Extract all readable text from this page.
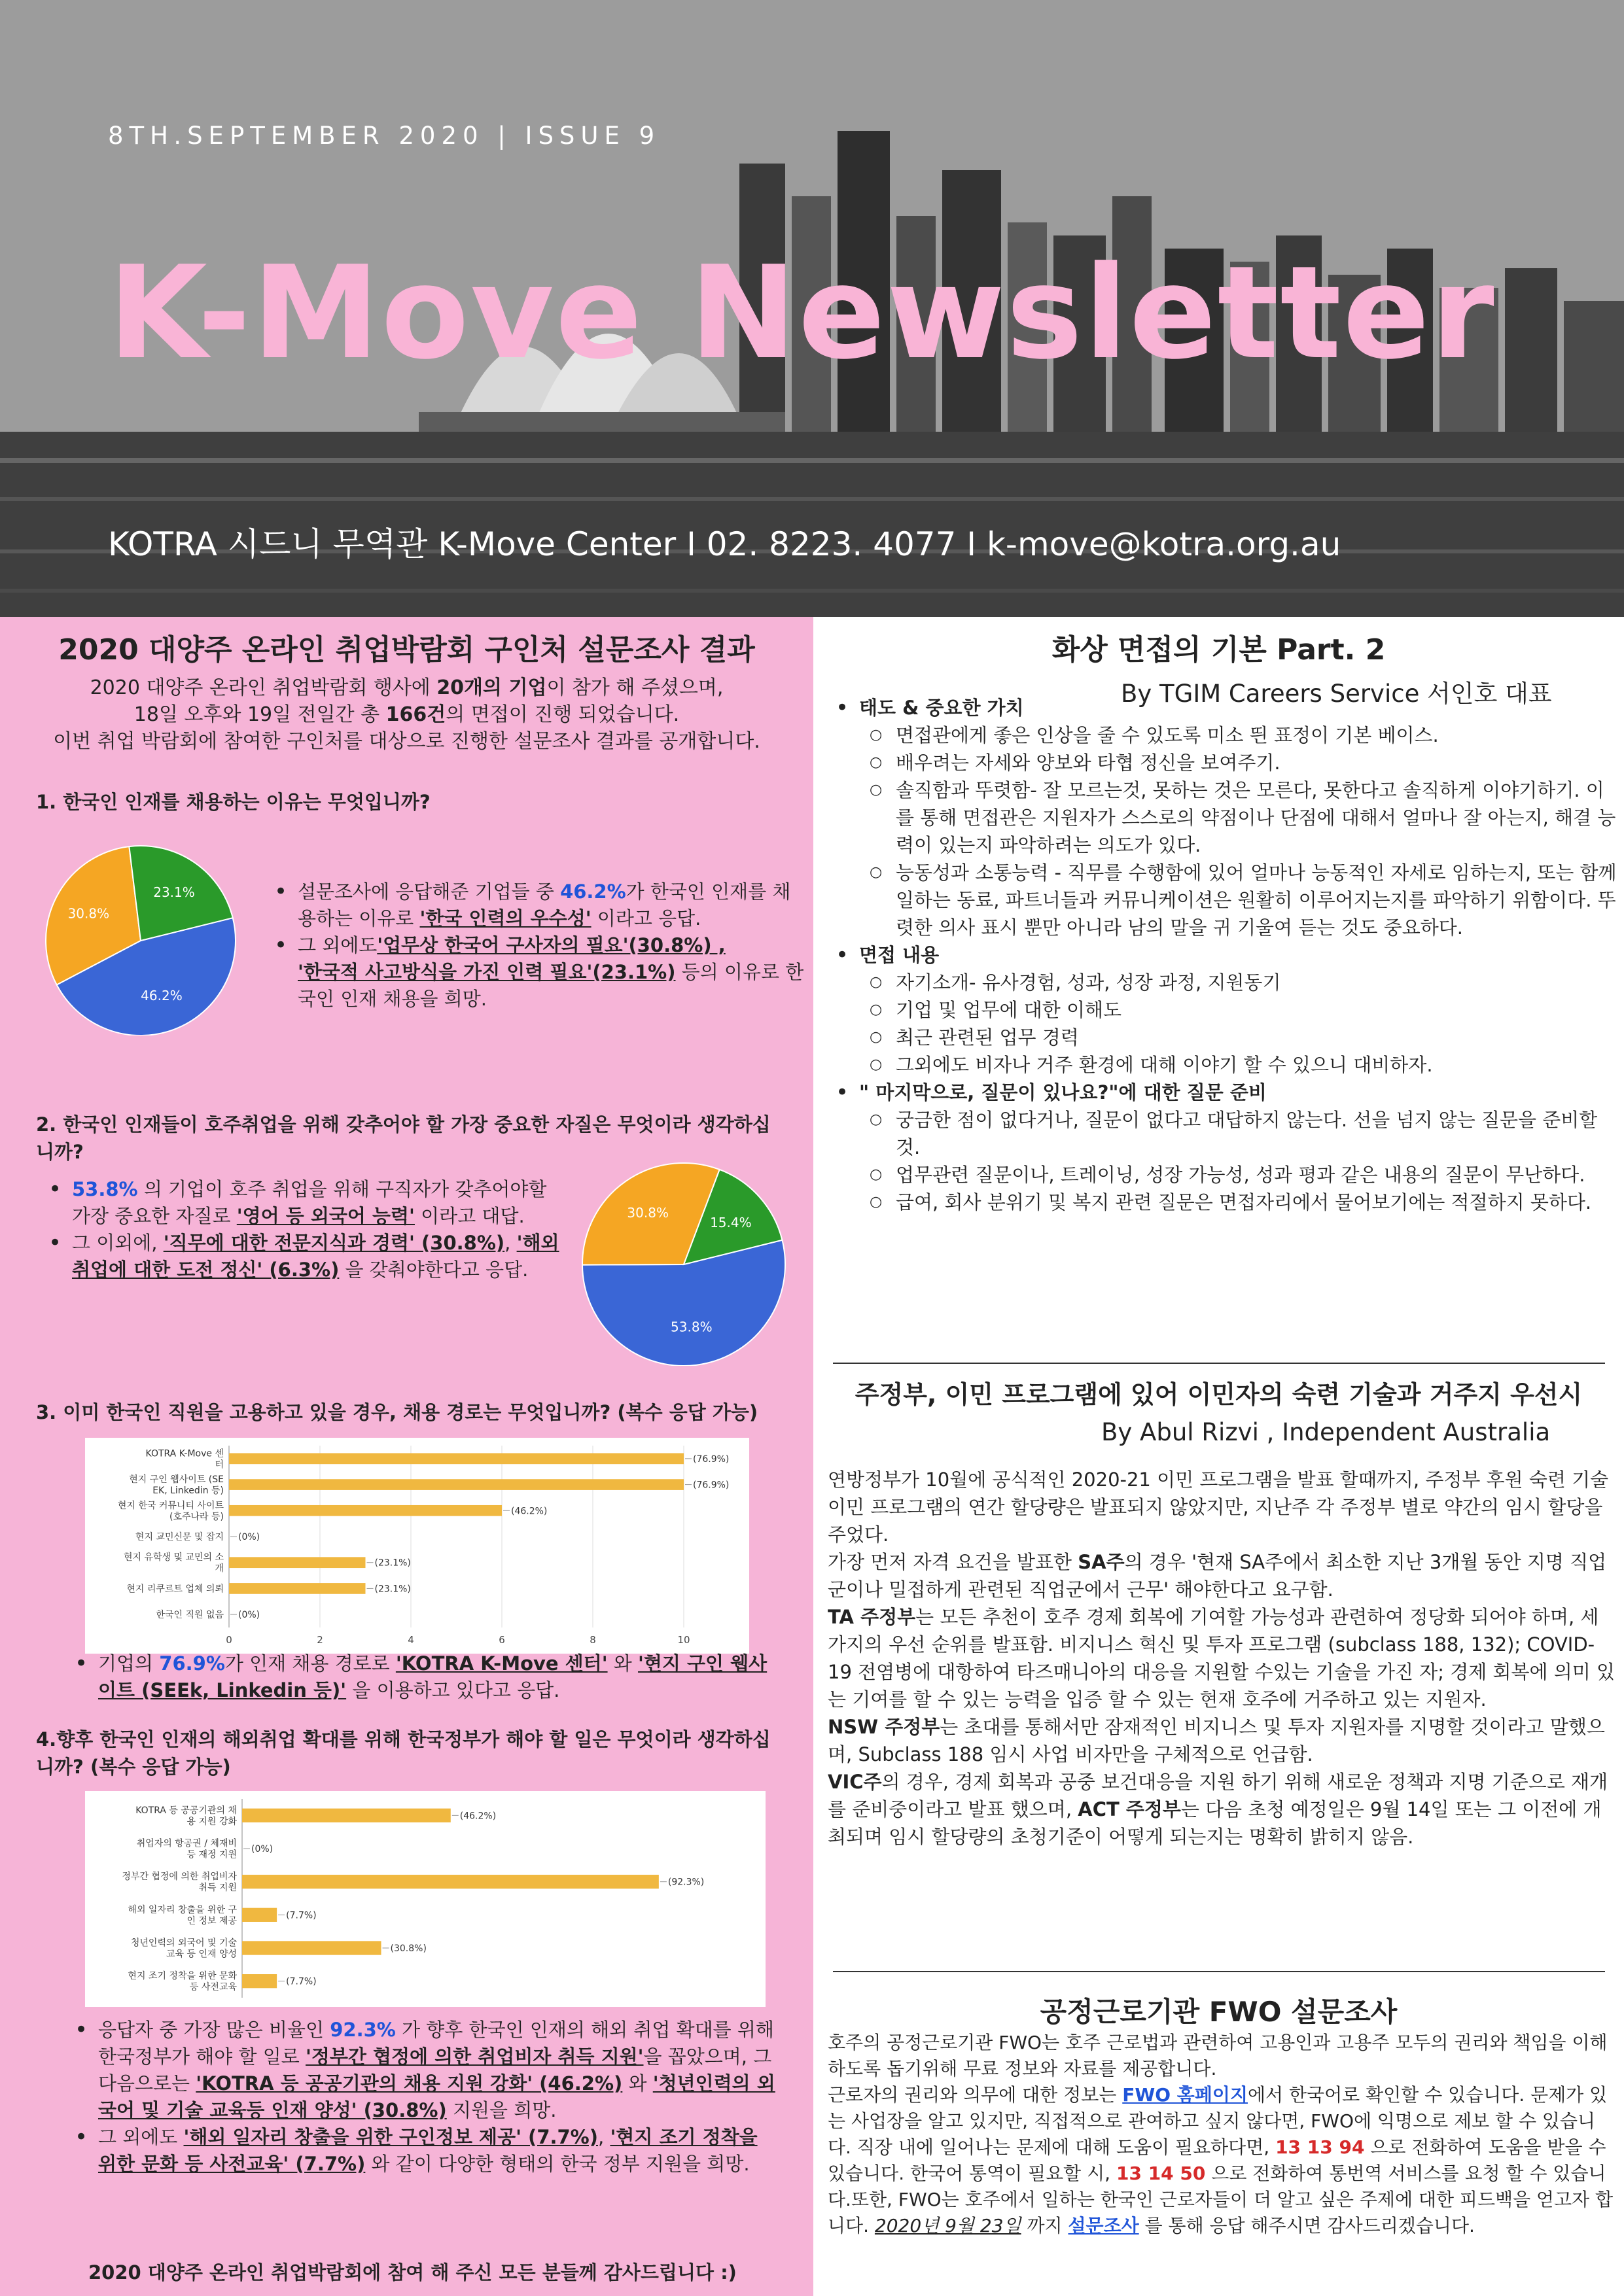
8TH.SEPTEMBER 2020 | ISSUE 9
K-Move Newsletter
KOTRA 시드니 무역관 K-Move Center I 02. 8223. 4077 I k-move@kotra.org.au
2020 대양주 온라인 취업박람회 구인처 설문조사 결과
2020 대양주 온라인 취업박람회 행사에 20개의 기업이 참가 해 주셨으며,
18일 오후와 19일 전일간 총 166건의 면접이 진행 되었습니다.
이번 취업 박람회에 참여한 구인처를 대상으로 진행한 설문조사 결과를 공개합니다.
1. 한국인 인재를 채용하는 이유는 무엇입니까?
46.2%
30.8%
23.1%
•	설문조사에 응답해준 기업들 중 46.2%가 한국인 인재를 채용하는 이유로 '한국 인력의 우수성' 이라고 응답.
• 그 외에도'업무상 한국어 구사자의 필요'(30.8%) ,
'한국적 사고방식을 가진 인력 필요'(23.1%) 등의 이유로 한국인 인재 채용을 희망.
2. 한국인 인재들이 호주취업을 위해 갖추어야 할 가장 중요한 자질은 무엇이라 생각하십니까?
• 53.8% 의 기업이 호주 취업을 위해 구직자가 갖추어야할 가장 중요한 자질로 '영어 등 외국어 능력' 이라고 대답.
• 그 이외에, '직무에 대한 전문지식과 경력' (30.8%), '해외취업에 대한 도전 정신' (6.3%) 을 갖춰야한다고 응답.
53.8%
30.8%
15.4%
3. 이미 한국인 직원을 고용하고 있을 경우, 채용 경로는 무엇입니까? (복수 응답 가능)
0	2	4	6	8	10
KOTRA K-Move 센
터
(76.9%)
현지 구인 웹사이트 (SE
EK, Linkedin 등)
(76.9%)
현지 한국 커뮤니티 사이트
(호주나라 등)
(46.2%)
현지 교민신문 및 잡지 (0%)
현지 유학생 및 교민의 소
개
(23.1%)
현지 리쿠르트 업체 의뢰	(23.1%)
한국인 직원 없음 (0%)
• 기업의 76.9%가 인재 채용 경로로 'KOTRA K-Move 센터' 와 '현지 구인 웹사이트 (SEEk, Linkedin 등)' 을 이용하고 있다고 응답.
4.향후 한국인 인재의 해외취업 확대를 위해 한국정부가 해야 할 일은 무엇이라 생각하십니까? (복수 응답 가능)
KOTRA 등 공공기관의 채
용 지원 강화
(46.2%)
취업자의 항공권 / 체재비
등 재정 지원
(0%)
정부간 협정에 의한 취업비자
취득 지원
(92.3%)
해외 일자리 창출을 위한 구
인 정보 제공
(7.7%)
청년인력의 외국어 및 기술
교육 등 인재 양성
(30.8%)
현지 조기 정착을 위한 문화
등 사전교육
(7.7%)
• 응답자 중 가장 많은 비율인 92.3% 가 향후 한국인 인재의 해외 취업 확대를 위해 한국정부가 해야 할 일로 '정부간 협정에 의한 취업비자 취득 지원'을 꼽았으며, 그 다음으로는 'KOTRA 등 공공기관의 채용 지원 강화' (46.2%) 와 '청년인력의 외국어 및 기술 교육등 인재 양성' (30.8%) 지원을 희망.
• 그 외에도 '해외 일자리 창출을 위한 구인정보 제공' (7.7%), '현지 조기 정착을 위한 문화 등 사전교육' (7.7%) 와 같이 다양한 형태의 한국 정부 지원을 희망.
2020 대양주 온라인 취업박람회에 참여 해 주신 모든 분들께 감사드립니다 :)
화상 면접의 기본 Part. 2
By TGIM Careers Service 서인호 대표
• 태도 & 중요한 가치
○ 면접관에게 좋은 인상을 줄 수 있도록 미소 띈 표정이 기본 베이스.
○ 배우려는 자세와 양보와 타협 정신을 보여주기.
○ 솔직함과 뚜렷함- 잘 모르는것, 못하는 것은 모른다, 못한다고 솔직하게 이야기하기. 이를 통해 면접관은 지원자가 스스로의 약점이나 단점에 대해서 얼마나 잘 아는지, 해결 능력이 있는지 파악하려는 의도가 있다.
○ 능동성과 소통능력 - 직무를 수행함에 있어 얼마나 능동적인 자세로 임하는지, 또는 함께 일하는 동료, 파트너들과 커뮤니케이션은 원활히 이루어지는지를 파악하기 위함이다. 뚜렷한 의사 표시 뿐만 아니라 남의 말을 귀 기울여 듣는 것도 중요하다.
• 면접 내용
○ 자기소개- 유사경험, 성과, 성장 과정, 지원동기
○ 기업 및 업무에 대한 이해도
○ 최근 관련된 업무 경력
○ 그외에도 비자나 거주 환경에 대해 이야기 할 수 있으니 대비하자.
• " 마지막으로, 질문이 있나요?"에 대한 질문 준비
○ 궁금한 점이 없다거나, 질문이 없다고 대답하지 않는다. 선을 넘지 않는 질문을 준비할것.
○ 업무관련 질문이나, 트레이닝, 성장 가능성, 성과 평과 같은 내용의 질문이 무난하다.
○ 급여, 회사 분위기 및 복지 관련 질문은 면접자리에서 물어보기에는 적절하지 못하다.
주정부, 이민 프로그램에 있어 이민자의 숙련 기술과 거주지 우선시
By Abul Rizvi , Independent Australia
연방정부가 10월에 공식적인 2020-21 이민 프로그램을 발표 할때까지, 주정부 후원 숙련 기술 이민 프로그램의 연간 할당량은 발표되지 않았지만, 지난주 각 주정부 별로 약간의 임시 할당을 주었다.
가장 먼저 자격 요건을 발표한 SA주의 경우 '현재 SA주에서 최소한 지난 3개월 동안 지명 직업군이나 밀접하게 관련된 직업군에서 근무' 해야한다고 요구함.
TA 주정부는 모든 추천이 호주 경제 회복에 기여할 가능성과 관련하여 정당화 되어야 하며, 세 가지의 우선 순위를 발표함. 비지니스 혁신 및 투자 프로그램 (subclass 188, 132); COVID-19 전염병에 대항하여 타즈매니아의 대응을 지원할 수있는 기술을 가진 자; 경제 회복에 의미 있는 기여를 할 수 있는 능력을 입증 할 수 있는 현재 호주에 거주하고 있는 지원자.
NSW 주정부는 초대를 통해서만 잠재적인 비지니스 및 투자 지원자를 지명할 것이라고 말했으며, Subclass 188 임시 사업 비자만을 구체적으로 언급함.
VIC주의 경우, 경제 회복과 공중 보건대응을 지원 하기 위해 새로운 정책과 지명 기준으로 재개를 준비중이라고 발표 했으며, ACT 주정부는 다음 초청 예정일은 9월 14일 또는 그 이전에 개최되며 임시 할당량의 초청기준이 어떻게 되는지는 명확히 밝히지 않음.
공정근로기관 FWO 설문조사
호주의 공정근로기관 FWO는 호주 근로법과 관련하여 고용인과 고용주 모두의 권리와 책임을 이해하도록 돕기위해 무료 정보와 자료를 제공합니다.
근로자의 권리와 의무에 대한 정보는 FWO 홈페이지에서 한국어로 확인할 수 있습니다. 문제가 있는 사업장을 알고 있지만, 직접적으로 관여하고 싶지 않다면, FWO에 익명으로 제보 할 수 있습니다. 직장 내에 일어나는 문제에 대해 도움이 필요하다면, 13 13 94 으로 전화하여 도움을 받을 수 있습니다. 한국어 통역이 필요할 시, 13 14 50 으로 전화하여 통번역 서비스를 요청 할 수 있습니다.또한, FWO는 호주에서 일하는 한국인 근로자들이 더 알고 싶은 주제에 대한 피드백을 얻고자 합니다. 2020년 9월 23일 까지 설문조사 를 통해 응답 해주시면 감사드리겠습니다.
